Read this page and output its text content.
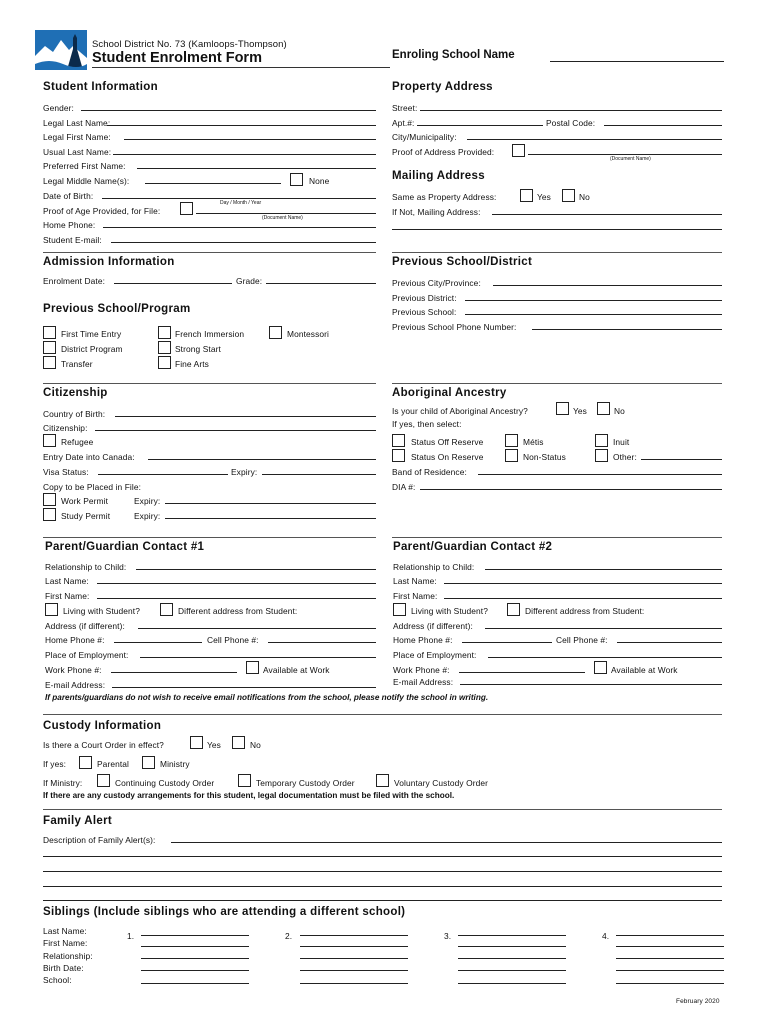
School District No. 73 (Kamloops-Thompson)
Student Enrolment Form	Enroling School Name
Student Information
Gender:
Legal Last Name:
Legal First Name:
Usual Last Name:
Preferred First Name:
Legal Middle Name(s):	None
Date of Birth:
Day / Month / Year
Proof of Age Provided, for File:
(Document Name)
Home Phone:
Student E-mail:
Property Address
Street:
Apt.#:	Postal Code:
City/Municipality:
Proof of Address Provided:
(Document Name)
Mailing Address
Same as Property Address:	Yes	No
If Not, Mailing Address:
Admission Information
Enrolment Date:	Grade:
Previous School/Program
First Time Entry	French Immersion	Montessori
District Program	Strong Start
Transfer	Fine Arts
Previous School/District
Previous City/Province:
Previous District:
Previous School:
Previous School Phone Number:
Citizenship
Country of Birth:
Citizenship:
Refugee
Entry Date into Canada:
Visa Status:	Expiry:
Copy to be Placed in File:
Work Permit	Expiry:
Study Permit	Expiry:
Aboriginal Ancestry
Is your child of Aboriginal Ancestry?	Yes	No
If yes, then select:
Status Off Reserve	Métis	Inuit
Status On Reserve	Non-Status	Other:
Band of Residence:
DIA #:
Parent/Guardian Contact #1
Relationship to Child:
Last Name:
First Name:
Living with Student?	Different address from Student:
Address (if different):
Home Phone #:	Cell Phone #:
Place of Employment:
Work Phone #:	Available at Work
E-mail Address:
Parent/Guardian Contact #2
Relationship to Child:
Last Name:
First Name:
Living with Student?	Different address from Student:
Address (if different):
Home Phone #:	Cell Phone #:
Place of Employment:
Work Phone #:	Available at Work
E-mail Address:
If parents/guardians do not wish to receive email notifications from the school, please notify the school in writing.
Custody Information
Is there a Court Order in effect?	Yes	No
If yes:	Parental	Ministry
If Ministry:	Continuing Custody Order	Temporary Custody Order	Voluntary Custody Order
If there are any custody arrangements for this student, legal documentation must be filed with the school.
Family Alert
Description of Family Alert(s):
Siblings (Include siblings who are attending a different school)
Last Name:
First Name:
Relationship:
Birth Date:
School:
1.	2.	3.	4.
February 2020
